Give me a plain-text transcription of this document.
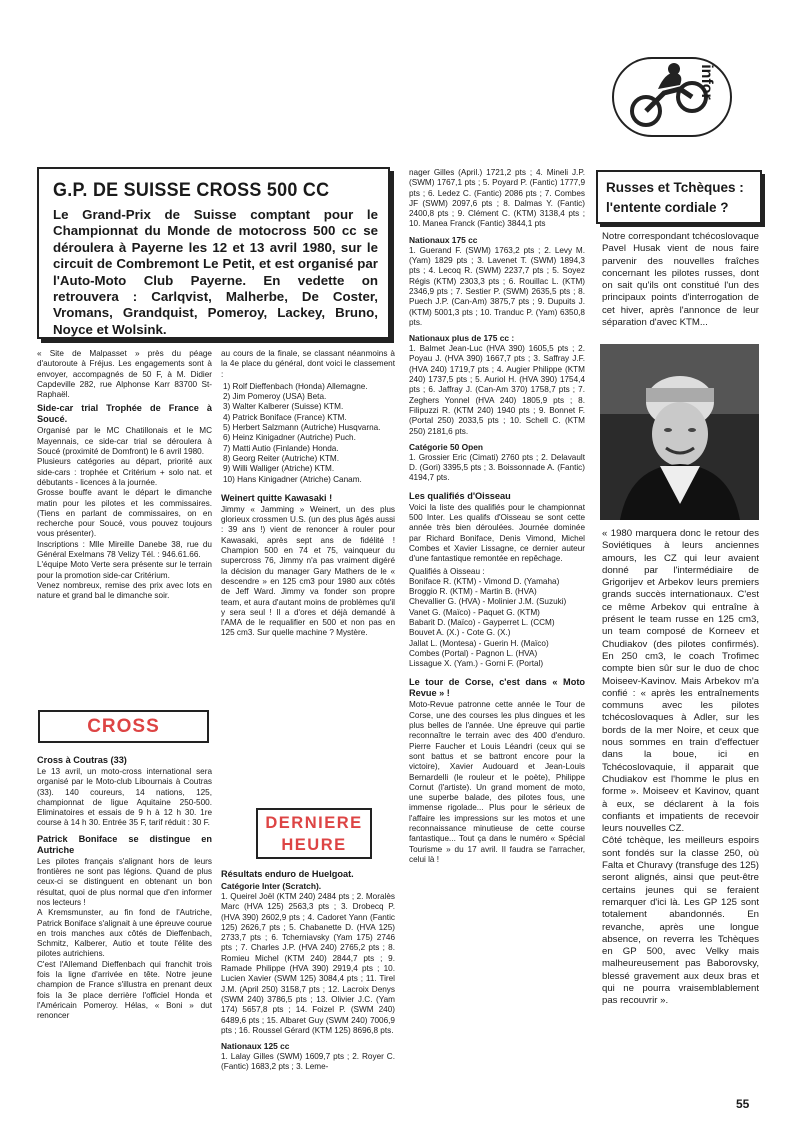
infor
G.P. DE SUISSE CROSS 500 CC
Le Grand-Prix de Suisse comptant pour le Championnat du Monde de motocross 500 cc se déroulera à Payerne les 12 et 13 avril 1980, sur le circuit de Combremont Le Petit, et est organisé par l'Auto-Moto Club Payerne. En vedette on retrouvera : Carlqvist, Malherbe, De Coster, Vromans, Grandquist, Pomeroy, Lackey, Bruno, Noyce et Wolsink.

« Site de Malpasset » près du péage d'autoroute à Fréjus. Les engagements sont à envoyer, accompagnés de 50 F, à M. Didier Capdeville 282, rue Alphonse Karr 83700 St-Raphaël.

Side-car trial Trophée de France à Soucé.

Organisé par le MC Chatillonais et le MC Mayennais, ce side-car trial se déroulera à Soucé (proximité de Domfront) le 6 avril 1980.

Plusieurs catégories au départ, priorité aux side-cars : trophée et Critérium + solo nat. et débutants - licences à la journée.

Grosse bouffe avant le départ le dimanche matin pour les pilotes et les commissaires. (Tiens en parlant de commissaires, on en recherche pour Soucé, vous pouvez toujours vous présenter).

Inscriptions : Mlle Mireille Danebe 38, rue du Général Exelmans 78 Velizy Tél. : 946.61.66.

L'équipe Moto Verte sera présente sur le terrain pour la promotion side-car Critérium.

Venez nombreux, remise des prix avec lots en nature et grand bal le dimanche soir.

CROSS
Cross à Coutras (33)

Le 13 avril, un moto-cross international sera organisé par le Moto-club Libournais à Coutras (33). 140 coureurs, 14 nations, 125, championnat de ligue Aquitaine 250-500. Eliminatoires et essais de 9 h à 12 h 30. 1re course à 14 h 30. Entrée 35 F, tarif réduit : 30 F.

Patrick Boniface se distingue en Autriche

Les pilotes français s'alignant hors de leurs frontières ne sont pas légions. Quand de plus ceux-ci se distinguent en obtenant un bon résultat, quoi de plus normal que d'en informer nos lecteurs !

A Kremsmunster, au fin fond de l'Autriche, Patrick Boniface s'alignait à une épreuve courue en trois manches aux côtés de Dieffenbach, Schmitz, Kalberer, Autio et toute l'élite des pilotes autrichiens.

C'est l'Allemand Dieffenbach qui franchit trois fois la ligne d'arrivée en tête. Notre jeune champion de France s'illustra en prenant deux fois la 3e place derrière l'officiel Honda et l'Américain Pomeroy. Hélas, « Boni » dut renoncer

au cours de la finale, se classant néanmoins à la 4e place du général, dont voici le classement :

1) Rolf Dieffenbach (Honda) Allemagne.

2) Jim Pomeroy (USA) Beta.

3) Walter Kalberer (Suisse) KTM.

4) Patrick Boniface (France) KTM.

5) Herbert Salzmann (Autriche) Husqvarna.

6) Heinz Kinigadner (Autriche) Puch.

7) Matti Autio (Finlande) Honda.

8) Georg Reiter (Autriche) KTM.

9) Willi Walliger (Atriche) KTM.

10) Hans Kinigadner (Atriche) Canam.

Weinert quitte Kawasaki !

Jimmy « Jamming » Weinert, un des plus glorieux crossmen U.S. (un des plus âgés aussi : 39 ans !) vient de renoncer à rouler pour Kawasaki, après sept ans de fidélité ! Champion 500 en 74 et 75, vainqueur du supercross 76, Jimmy n'a pas vraiment digéré la décision du manager Gary Mathers de le « descendre » en 125 cm3 pour 1980 aux côtés de Jeff Ward. Jimmy va fonder son propre team, et aura d'autant moins de problèmes qu'il y sera seul ! Il a d'ores et déjà demandé à l'AMA de le requalifier en 500 et non pas en 125 cm3. Sur quelle machine ? Mystère.

DERNIERE
HEURE
Résultats enduro de Huelgoat.
Catégorie Inter (Scratch).

1. Queirel Joël (KTM 240) 2484 pts ; 2. Moralès Marc (HVA 125) 2563,3 pts ; 3. Drobecq P. (HVA 390) 2602,9 pts ; 4. Cadoret Yann (Fantic 125) 2626,7 pts ; 5. Chabanette D. (HVA 125) 2733,7 pts ; 6. Tcherniavsky (Yam 175) 2746 pts ; 7. Charles J.P. (HVA 240) 2765,2 pts ; 8. Romieu Michel (KTM 240) 2844,7 pts ; 9. Ramade Philippe (HVA 390) 2919,4 pts ; 10. Lucien Xavier (SWM 125) 3084,4 pts ; 11. Tirel J.M. (April 250) 3158,7 pts ; 12. Lacroix Denys (SWM 240) 3786,5 pts ; 13. Olivier J.C. (Yam 174) 5657,8 pts ; 14. Foizel P. (SWM 240) 6489,6 pts ; 15. Albaret Guy (SWM 240) 7006,9 pts ; 16. Roussel Gérard (KTM 125) 8696,8 pts.

Nationaux 125 cc

1. Lalay Gilles (SWM) 1609,7 pts ; 2. Royer C. (Fantic) 1683,2 pts ; 3. Leme-

nager Gilles (April.) 1721,2 pts ; 4. Mineli J.P. (SWM) 1767,1 pts ; 5. Poyard P. (Fantic) 1777,9 pts ; 6. Ledez C. (Fantic) 2086 pts ; 7. Combes JF (SWM) 2097,6 pts ; 8. Dalmas Y. (Fantic) 2400,8 pts ; 9. Clément C. (KTM) 3138,4 pts ; 10. Manea Franck (Fantic) 3844,1 pts

Nationaux 175 cc

1. Guerand F. (SWM) 1763,2 pts ; 2. Levy M. (Yam) 1829 pts ; 3. Lavenet T. (SWM) 1894,3 pts ; 4. Lecoq R. (SWM) 2237,7 pts ; 5. Soyez Régis (KTM) 2303,3 pts ; 6. Rouillac L. (KTM) 2346,9 pts ; 7. Sestier P. (SWM) 2635,5 pts ; 8. Puech J.P. (Can-Am) 3875,7 pts ; 9. Dupuits J. (KTM) 5001,3 pts ; 10. Tranduc P. (Yam) 6350,8 pts.

Nationaux plus de 175 cc :

1. Balmet Jean-Luc (HVA 390) 1605,5 pts ; 2. Poyau J. (HVA 390) 1667,7 pts ; 3. Saffray J.F. (HVA 240) 1719,7 pts ; 4. Augier Philippe (KTM 240) 1737,5 pts ; 5. Auriol H. (HVA 390) 1754,4 pts ; 6. Jaffray J. (Can-Am 370) 1758,7 pts ; 7. Zeghers Yonnel (HVA 240) 1805,9 pts ; 8. Filipuzzi R. (KTM 240) 1940 pts ; 9. Bonnet F. (Portal 250) 2033,5 pts ; 10. Schell C. (KTM 250) 2181,6 pts.

Catégorie 50 Open

1. Grossier Eric (Cimati) 2760 pts ; 2. Delavault D. (Gori) 3395,5 pts ; 3. Boissonnade A. (Fantic) 4194,7 pts.

Les qualifiés d'Oisseau

Voici la liste des qualifiés pour le championnat 500 Inter. Les qualifs d'Oisseau se sont cette année très bien déroulées. Journée dominée par Richard Boniface, Denis Vimond, Michel Combes et Xavier Lissagne, ce dernier auteur d'une fantastique remontée en repêchage.

Qualifiés à Oisseau :

Boniface R. (KTM) - Vimond D. (Yamaha)

Broggio R. (KTM) - Martin B. (HVA)

Chevallier G. (HVA) - Molinier J.M. (Suzuki)

Vanet G. (Maïco) - Paquet G. (KTM)

Babarit D. (Maïco) - Gayperret L. (CCM)

Bouvet A. (X.) - Cote G. (X.)

Jallat L. (Montesa) - Guerin H. (Maïco)

Combes (Portal) - Pagnon L. (HVA)

Lissague X. (Yam.) - Gorni F. (Portal)

Le tour de Corse, c'est dans « Moto Revue » !

Moto-Revue patronne cette année le Tour de Corse, une des courses les plus dingues et les plus belles de l'année. Une épreuve qui partie reconnaître le terrain avec des 400 d'enduro. Pierre Faucher et Louis Léandri (ceux qui se sont battus et se battront encore pour la victoire), Xavier Audouard et Jean-Louis Bernardelli (le rouleur et le poète), Philippe Cornut (l'artiste). Un grand moment de moto, une superbe balade, des pilotes fous, une immense rigolade... Plus pour le sérieux de l'affaire les impressions sur les motos et une reconnaissance minutieuse de cette course fantastique... Tout ça dans le numéro « Spécial Tourisme » du 17 avril. Il faudra se l'arracher, celui là !

Russes et Tchèques : l'entente cordiale ?
Notre correspondant tchécoslovaque Pavel Husak vient de nous faire parvenir des nouvelles fraîches concernant les pilotes russes, dont on sait qu'ils ont constitué l'un des principaux points d'interrogation de cet hiver, après l'annonce de leur séparation d'avec KTM...

« 1980 marquera donc le retour des Soviétiques à leurs anciennes amours, les CZ qui leur avaient donné par l'intermédiaire de Grigorijev et Arbekov leurs premiers grands succès internationaux. C'est ce même Arbekov qui entraîne à présent le team russe en 125 cm3, un team composé de Korneev et Chudiakov (des pilotes confirmés). En 250 cm3, le coach Trofimec compte bien sûr sur le duo de choc Moiseev-Kavinov. Mais Arbekov m'a confié : « après les entraînements communs avec les pilotes tchécoslovaques à Adler, sur les bords de la mer Noire, et ceux que nous sommes en train d'effectuer dans la boue, ici en Tchécoslovaquie, il apparait que Chudiakov est l'homme le plus en forme ». Moiseev et Kavinov, quant à eux, se déclarent à la fois confiants et impatients de recevoir leurs nouvelles CZ.

Côté tchèque, les meilleurs espoirs sont fondés sur la classe 250, où Falta et Churavy (transfuge des 125) seront alignés, ainsi que peut-être certains jeunes qui se feraient remarquer d'ici là. Les GP 125 sont totalement abandonnés. En revanche, après une longue absence, on reverra les Tchèques en GP 500, avec Velky mais malheureusement pas Baborovsky, blessé gravement aux deux bras et qui ne pourra vraisemblablement pas recouvrir ».

55
